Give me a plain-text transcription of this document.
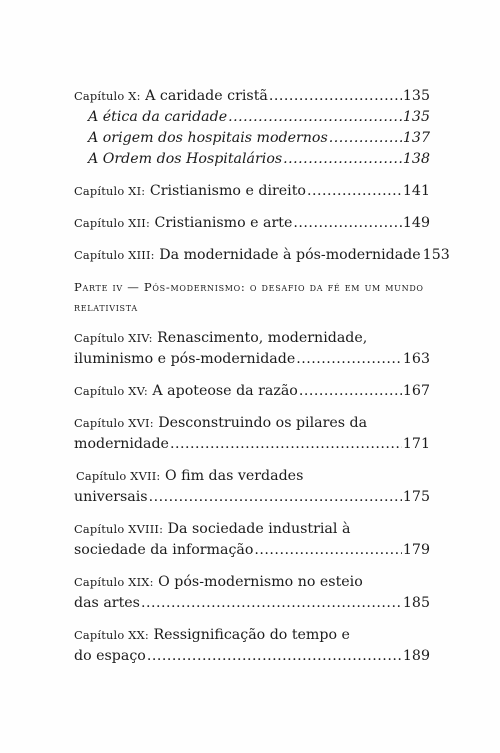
Capítulo X: A caridade cristã .....	135
A ética da caridade .....	135
A origem dos hospitais modernos .....	137
A Ordem dos Hospitalários .....	138
Capítulo XI: Cristianismo e direito .....	141
Capítulo XII: Cristianismo e arte .....	149
Capítulo XIII: Da modernidade à pós-modernidade 153
Parte iv — Pós-modernismo: o desafio da fé em um mundo relativista
Capítulo XIV: Renascimento, modernidade,
iluminismo e pós-modernidade .....	163
Capítulo XV: A apoteose da razão .....	167
Capítulo XVI: Desconstruindo os pilares da
modernidade .....	171
Capítulo XVII: O fim das verdades
universais .....	175
Capítulo XVIII: Da sociedade industrial à
sociedade da informação .....	179
Capítulo XIX: O pós-modernismo no esteio
das artes .....	185
Capítulo XX: Ressignificação do tempo e
do espaço .....	189
